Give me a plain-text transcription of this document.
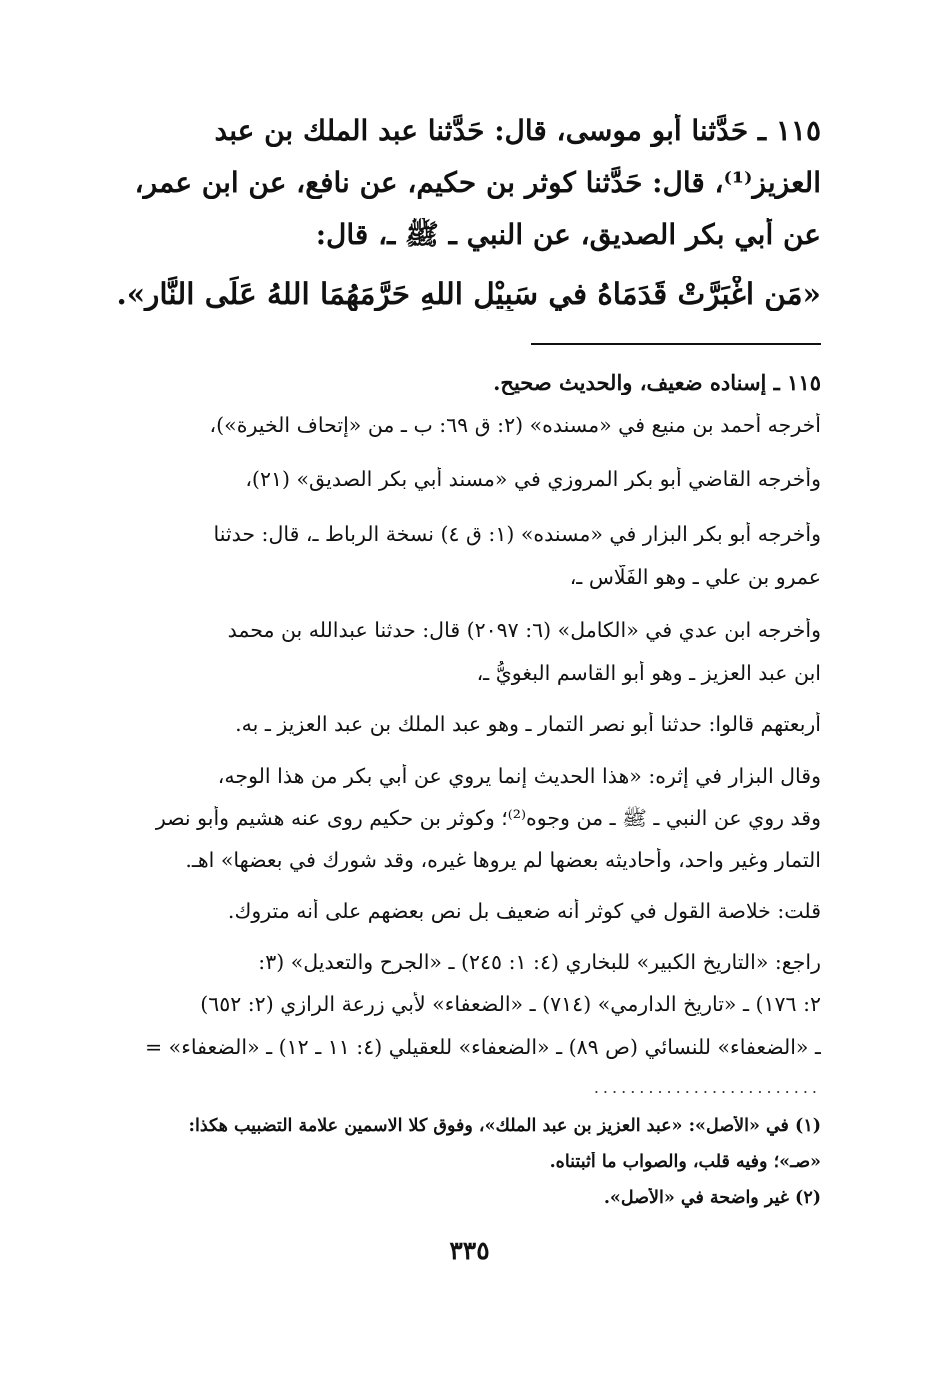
١١٥ ـ حَدَّثنا أبو موسى، قال: حَدَّثنا عبد الملك بن عبد

العزيز⁽¹⁾، قال: حَدَّثنا كوثر بن حكيم، عن نافع، عن ابن عمر،

عن أبي بكر الصديق، عن النبي ـ ﷺ ـ، قال:

«مَنِ اغْبَرَّتْ قَدَمَاهُ في سَبِيْلِ اللهِ حَرَّمَهُمَا اللهُ عَلَى النَّارِ».

١١٥ ـ إسناده ضعيف، والحديث صحيح.

أخرجه أحمد بن منيع في «مسنده» (٢: ق ٦٩: ب ـ من «إتحاف الخيرة»)،

وأخرجه القاضي أبو بكر المروزي في «مسند أبي بكر الصديق» (٢١)،

وأخرجه أبو بكر البزار في «مسنده» (١: ق ٤) نسخة الرباط ـ، قال: حدثنا

عمرو بن علي ـ وهو الفَلّاس ـ،

وأخرجه ابن عدي في «الكامل» (٦: ٢٠٩٧) قال: حدثنا عبدالله بن محمد

ابن عبد العزيز ـ وهو أبو القاسم البغويُّ ـ،

أربعتهم قالوا: حدثنا أبو نصر التمار ـ وهو عبد الملك بن عبد العزيز ـ به.

وقال البزار في إثره: «هذا الحديث إنما يروي عن أبي بكر من هذا الوجه،

وقد روي عن النبي ـ ﷺ ـ من وجوه⁽²⁾؛ وكوثر بن حكيم روى عنه هشيم وأبو نصر

التمار وغير واحد، وأحاديثه بعضها لم يروها غيره، وقد شورك في بعضها» اهـ.

قلت: خلاصة القول في كوثر أنه ضعيف بل نص بعضهم على أنه متروك.

راجع: «التاريخ الكبير» للبخاري (٤: ١: ٢٤٥) ـ «الجرح والتعديل» (٣:

٢: ١٧٦) ـ «تاريخ الدارمي» (٧١٤) ـ «الضعفاء» لأبي زرعة الرازي (٢: ٦٥٢)

ـ «الضعفاء» للنسائي (ص ٨٩) ـ «الضعفاء» للعقيلي (٤: ١١ ـ ١٢) ـ «الضعفاء» =

.........................

(١) في «الأصل»: «عبد العزيز بن عبد الملك»، وفوق كلا الاسمين علامة التضبيب هكذا:

«صـ»؛ وفيه قلب، والصواب ما أثبتناه.

(٢) غير واضحة في «الأصل».

٣٣٥
